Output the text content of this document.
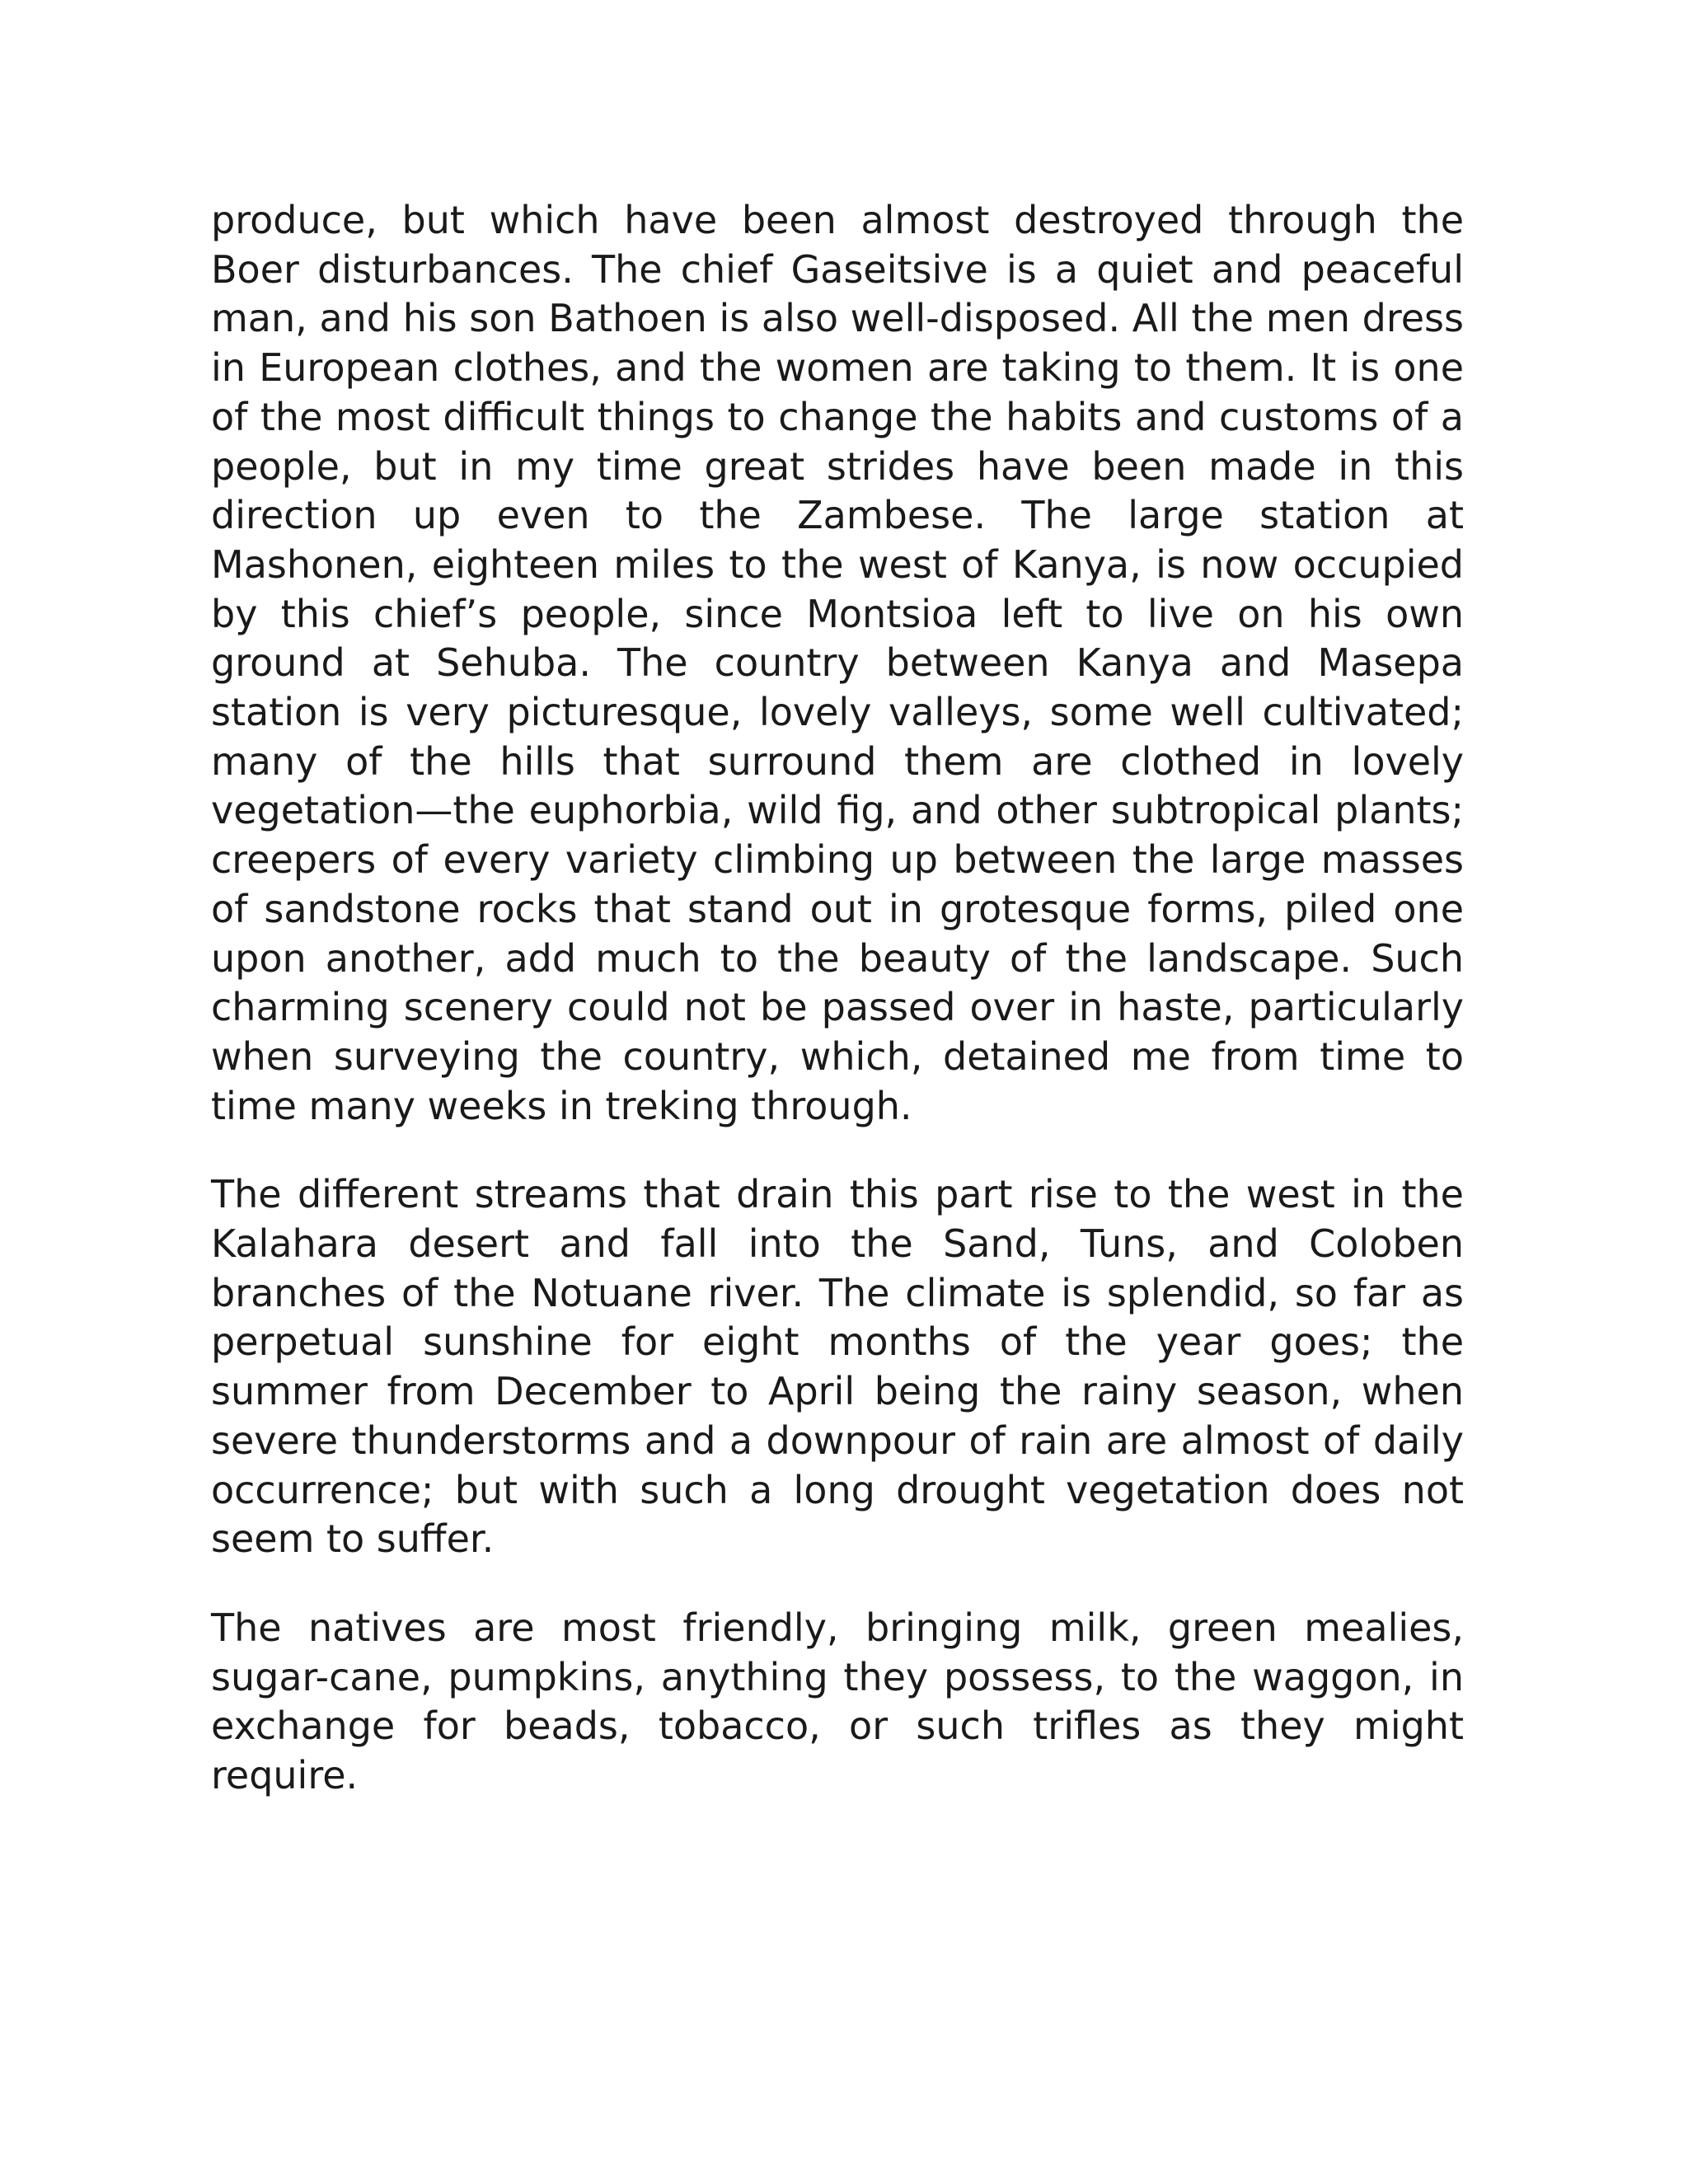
produce, but which have been almost destroyed through the Boer disturbances. The chief Gaseitsive is a quiet and peaceful man, and his son Bathoen is also well-disposed. All the men dress in European clothes, and the women are taking to them. It is one of the most difficult things to change the habits and customs of a people, but in my time great strides have been made in this direction up even to the Zambese. The large station at Mashonen, eighteen miles to the west of Kanya, is now occupied by this chief’s people, since Montsioa left to live on his own ground at Sehuba. The country between Kanya and Masepa station is very picturesque, lovely valleys, some well cultivated; many of the hills that surround them are clothed in lovely vegetation—the euphorbia, wild fig, and other subtropical plants; creepers of every variety climbing up between the large masses of sandstone rocks that stand out in grotesque forms, piled one upon another, add much to the beauty of the landscape. Such charming scenery could not be passed over in haste, particularly when surveying the country, which, detained me from time to time many weeks in treking through.

The different streams that drain this part rise to the west in the Kalahara desert and fall into the Sand, Tuns, and Coloben branches of the Notuane river. The climate is splendid, so far as perpetual sunshine for eight months of the year goes; the summer from December to April being the rainy season, when severe thunderstorms and a downpour of rain are almost of daily occurrence; but with such a long drought vegetation does not seem to suffer.

The natives are most friendly, bringing milk, green mealies, sugar-cane, pumpkins, anything they possess, to the waggon, in exchange for beads, tobacco, or such trifles as they might require.
